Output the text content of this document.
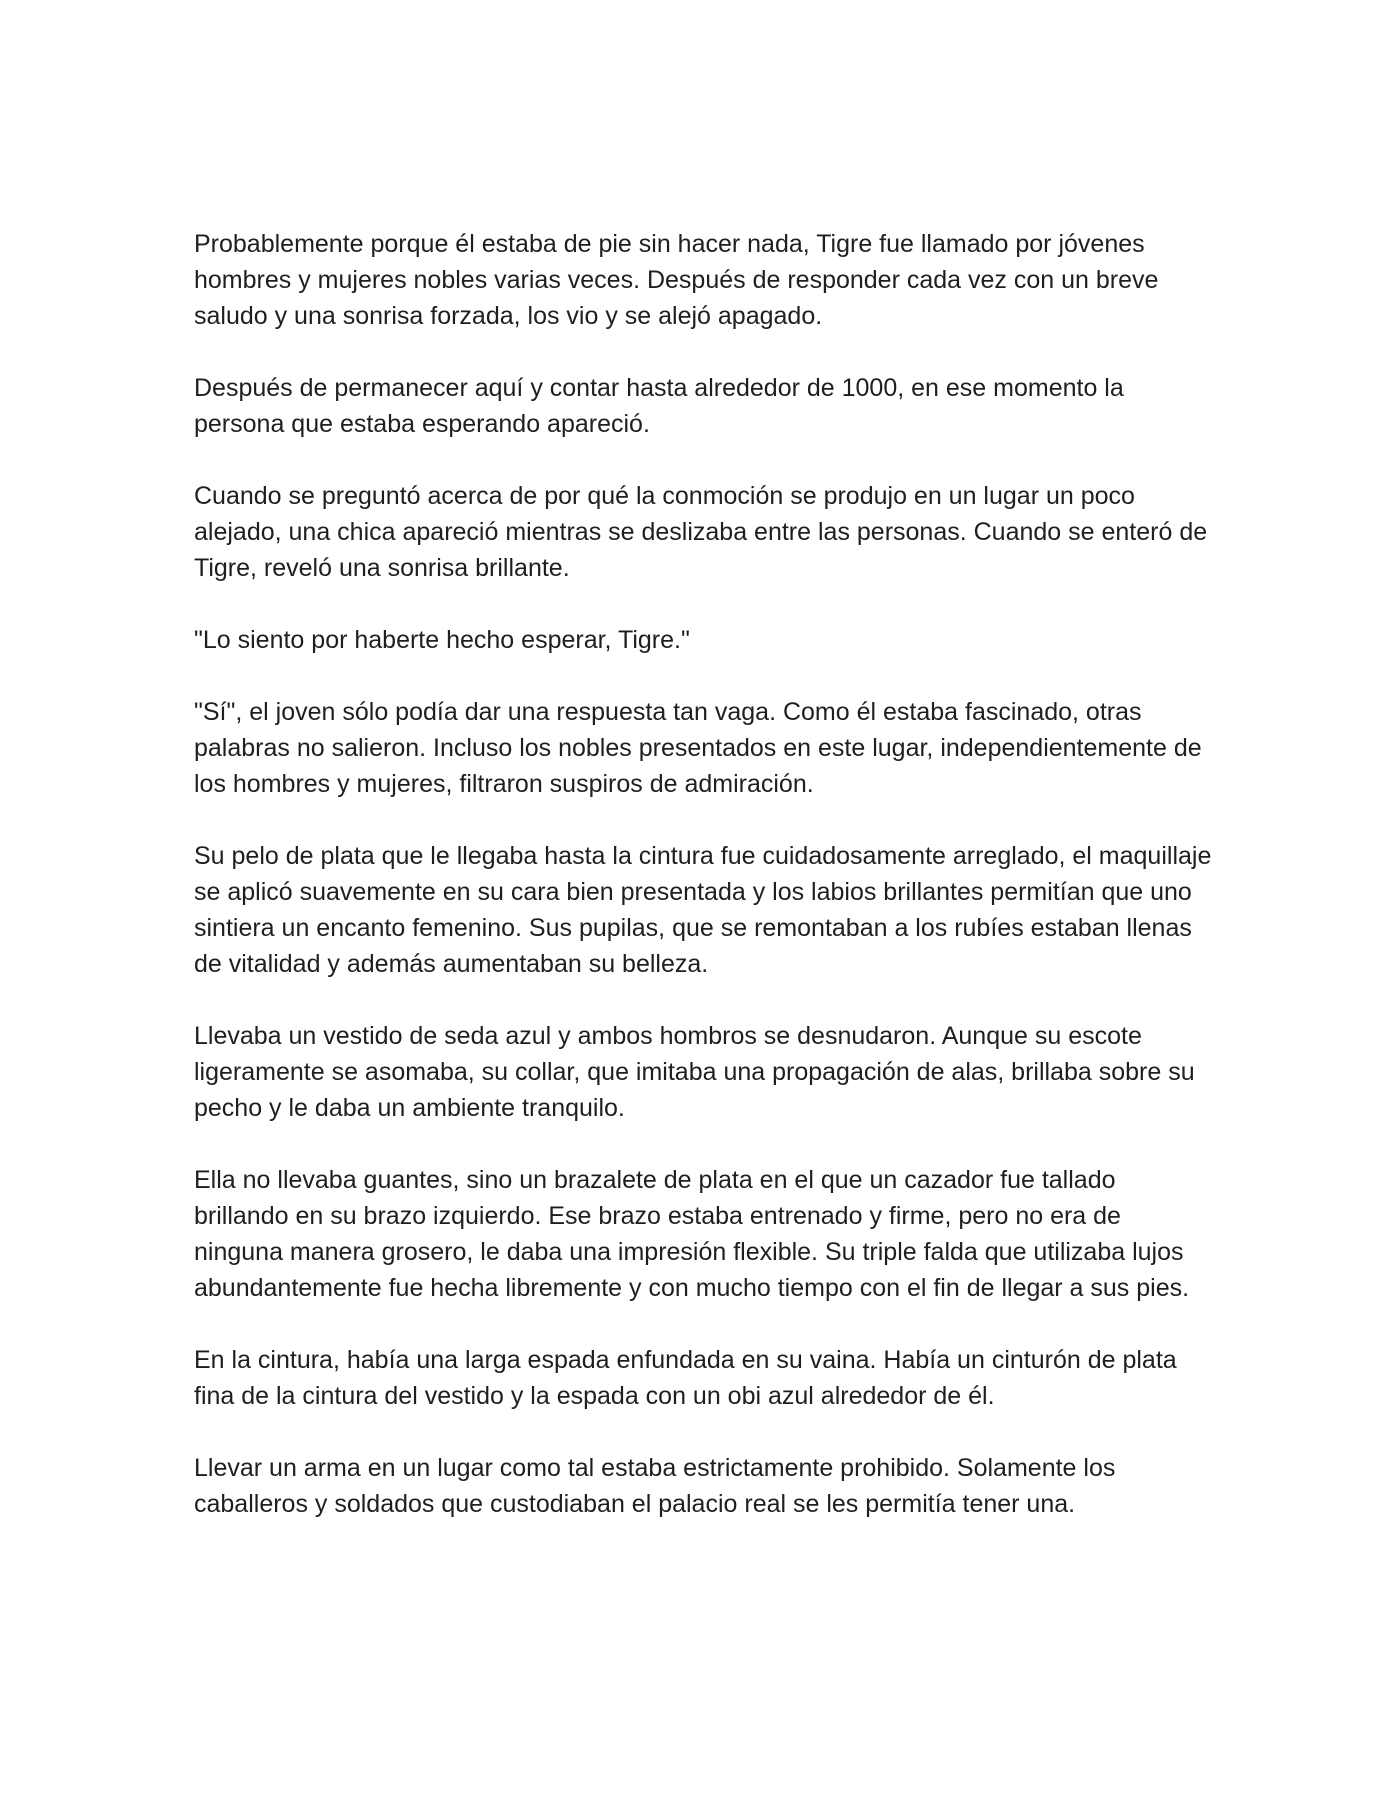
Probablemente porque él estaba de pie sin hacer nada, Tigre fue llamado por jóvenes hombres y mujeres nobles varias veces. Después de responder cada vez con un breve saludo y una sonrisa forzada, los vio y se alejó apagado.

Después de permanecer aquí y contar hasta alrededor de 1000, en ese momento la persona que estaba esperando apareció.

Cuando se preguntó acerca de por qué la conmoción se produjo en un lugar un poco alejado, una chica apareció mientras se deslizaba entre las personas. Cuando se enteró de Tigre, reveló una sonrisa brillante.

"Lo siento por haberte hecho esperar, Tigre."

"Sí", el joven sólo podía dar una respuesta tan vaga. Como él estaba fascinado, otras palabras no salieron. Incluso los nobles presentados en este lugar, independientemente de los hombres y mujeres, filtraron suspiros de admiración.

Su pelo de plata que le llegaba hasta la cintura fue cuidadosamente arreglado, el maquillaje se aplicó suavemente en su cara bien presentada y los labios brillantes permitían que uno sintiera un encanto femenino. Sus pupilas, que se remontaban a los rubíes estaban llenas de vitalidad y además aumentaban su belleza.

Llevaba un vestido de seda azul y ambos hombros se desnudaron. Aunque su escote ligeramente se asomaba, su collar, que imitaba una propagación de alas, brillaba sobre su pecho y le daba un ambiente tranquilo.

Ella no llevaba guantes, sino un brazalete de plata en el que un cazador fue tallado brillando en su brazo izquierdo. Ese brazo estaba entrenado y firme, pero no era de ninguna manera grosero, le daba una impresión flexible. Su triple falda que utilizaba lujos abundantemente fue hecha libremente y con mucho tiempo con el fin de llegar a sus pies.

En la cintura, había una larga espada enfundada en su vaina. Había un cinturón de plata fina de la cintura del vestido y la espada con un obi azul alrededor de él.

Llevar un arma en un lugar como tal estaba estrictamente prohibido. Solamente los caballeros y soldados que custodiaban el palacio real se les permitía tener una.
